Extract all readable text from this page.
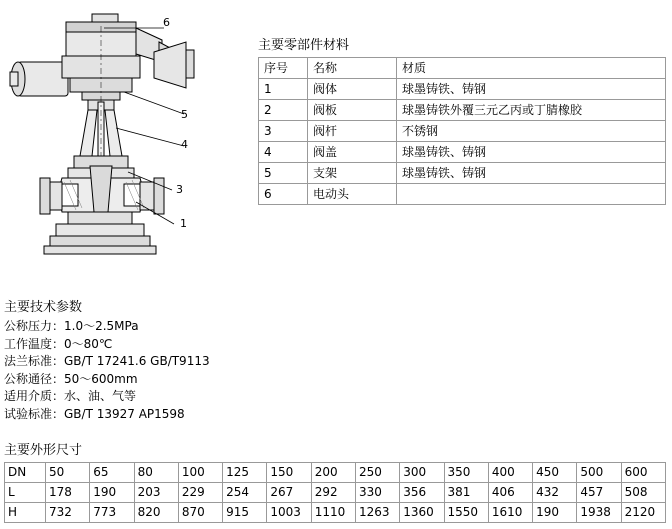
6
5
4
3
1
主要零部件材料
序号	名称	材质
1	阀体	球墨铸铁、铸钢
2	阀板	球墨铸铁外覆三元乙丙或丁腈橡胶
3	阀杆	不锈钢
4	阀盖	球墨铸铁、铸钢
5	支架	球墨铸铁、铸钢
6	电动头	
主要技术参数
公称压力：1.0～2.5MPa
工作温度：0～80℃
法兰标准：GB/T 17241.6 GB/T9113
公称通径：50～600mm
适用介质：水、油、气等
试验标准：GB/T 13927 AP1598
主要外形尺寸
DN	50	65	80	100	125	150	200	250	300	350	400	450	500	600
L	178	190	203	229	254	267	292	330	356	381	406	432	457	508
H	732	773	820	870	915	1003	1110	1263	1360	1550	1610	190	1938	2120
